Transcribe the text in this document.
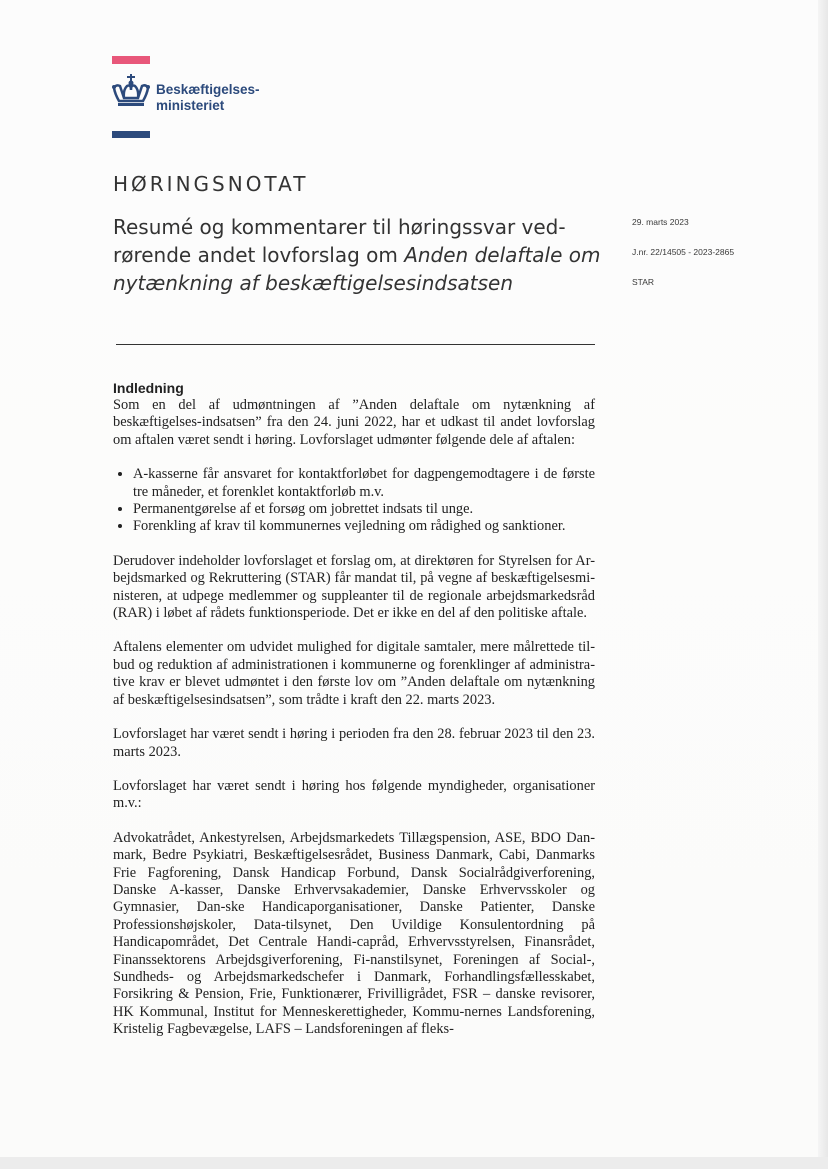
Beskæftigelses-
ministeriet
HØRINGSNOTAT
Resumé og kommentarer til høringssvar ved-rørende andet lovforslag om Anden delaftale om nytænkning af beskæftigelsesindsatsen
29. marts 2023
J.nr. 22/14505 - 2023-2865
STAR
Indledning

Som en del af udmøntningen af ”Anden delaftale om nytænkning af beskæftigelses-indsatsen” fra den 24. juni 2022, har et udkast til andet lovforslag om aftalen været sendt i høring. Lovforslaget udmønter følgende dele af aftalen:

• A-kasserne får ansvaret for kontaktforløbet for dagpengemodtagere i de første tre måneder, et forenklet kontaktforløb m.v.
• Permanentgørelse af et forsøg om jobrettet indsats til unge.
• Forenkling af krav til kommunernes vejledning om rådighed og sanktioner.

Derudover indeholder lovforslaget et forslag om, at direktøren for Styrelsen for Ar-bejdsmarked og Rekruttering (STAR) får mandat til, på vegne af beskæftigelsesmi-nisteren, at udpege medlemmer og suppleanter til de regionale arbejdsmarkedsråd (RAR) i løbet af rådets funktionsperiode. Det er ikke en del af den politiske aftale.

Aftalens elementer om udvidet mulighed for digitale samtaler, mere målrettede til-bud og reduktion af administrationen i kommunerne og forenklinger af administra-tive krav er blevet udmøntet i den første lov om ”Anden delaftale om nytænkning af beskæftigelsesindsatsen”, som trådte i kraft den 22. marts 2023.

Lovforslaget har været sendt i høring i perioden fra den 28. februar 2023 til den 23. marts 2023.

Lovforslaget har været sendt i høring hos følgende myndigheder, organisationer m.v.:

Advokatrådet, Ankestyrelsen, Arbejdsmarkedets Tillægspension, ASE, BDO Dan-mark, Bedre Psykiatri, Beskæftigelsesrådet, Business Danmark, Cabi, Danmarks Frie Fagforening, Dansk Handicap Forbund, Dansk Socialrådgiverforening, Danske A-kasser, Danske Erhvervsakademier, Danske Erhvervsskoler og Gymnasier, Dan-ske Handicaporganisationer, Danske Patienter, Danske Professionshøjskoler, Data-tilsynet, Den Uvildige Konsulentordning på Handicapområdet, Det Centrale Handi-capråd, Erhvervsstyrelsen, Finansrådet, Finanssektorens Arbejdsgiverforening, Fi-nanstilsynet, Foreningen af Social-, Sundheds- og Arbejdsmarkedschefer i Danmark, Forhandlingsfællesskabet, Forsikring & Pension, Frie, Funktionærer, Frivilligrådet, FSR – danske revisorer, HK Kommunal, Institut for Menneskerettigheder, Kommu-nernes Landsforening, Kristelig Fagbevægelse, LAFS – Landsforeningen af fleks-
